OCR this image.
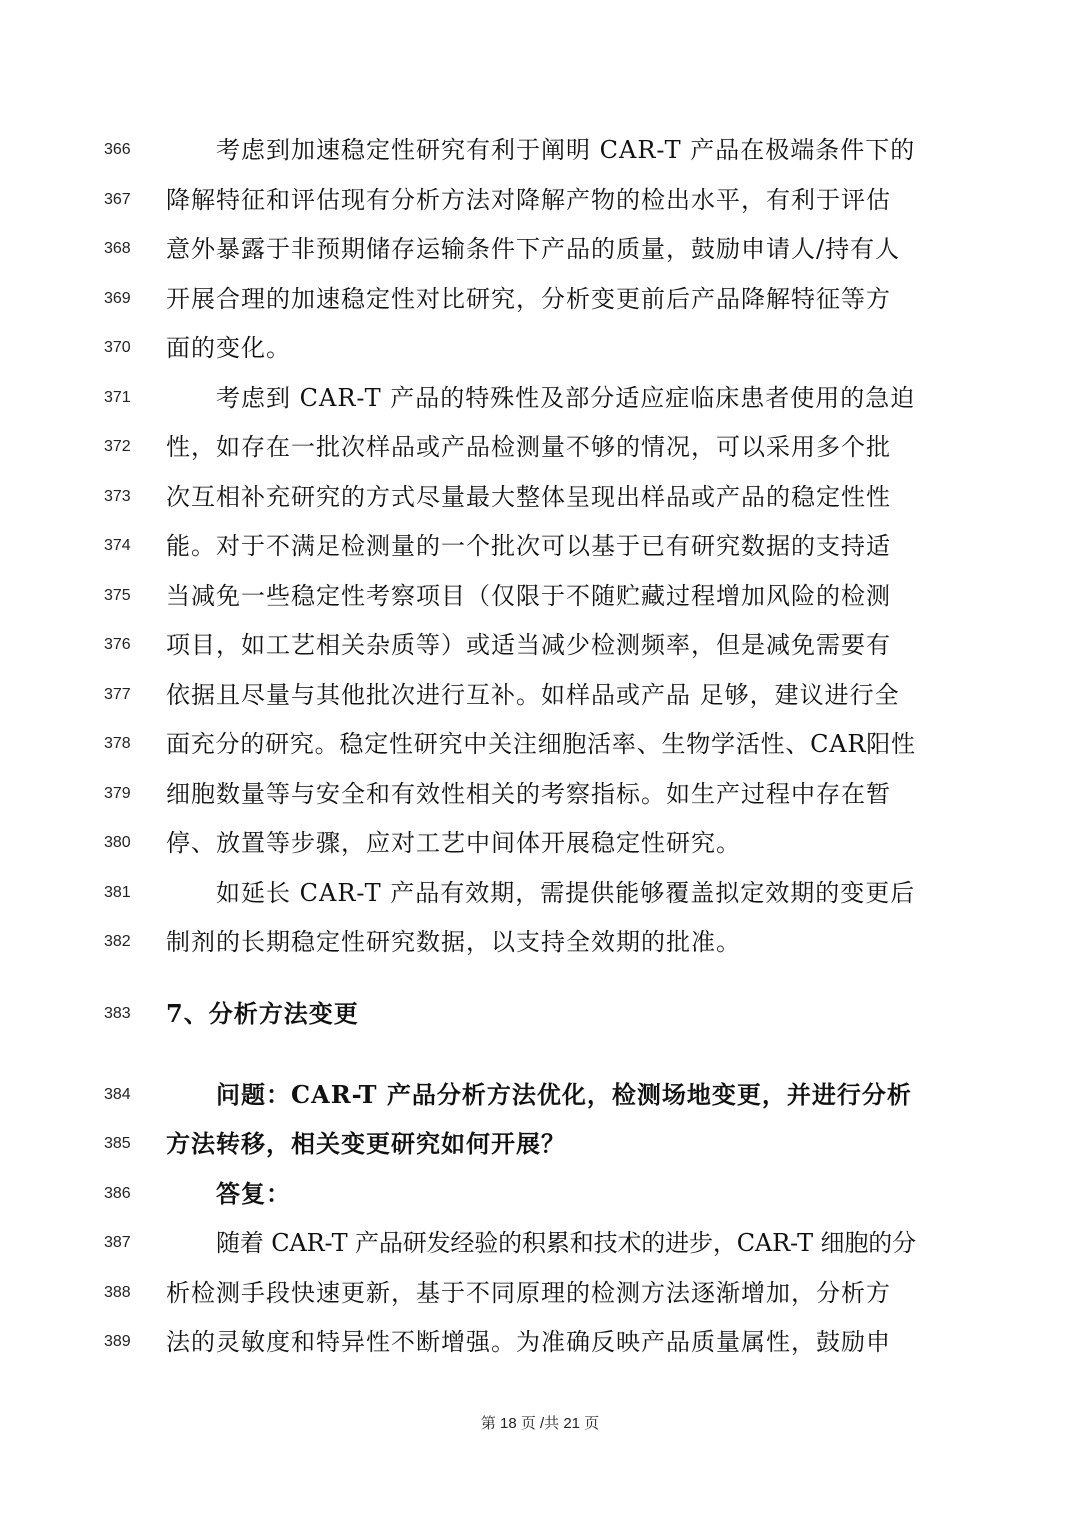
366	考虑到加速稳定性研究有利于阐明 CAR-T 产品在极端条件下的
367	降解特征和评估现有分析方法对降解产物的检出水平，有利于评估
368	意外暴露于非预期储存运输条件下产品的质量，鼓励申请人/持有人
369	开展合理的加速稳定性对比研究，分析变更前后产品降解特征等方
370	面的变化。
371	考虑到 CAR-T 产品的特殊性及部分适应症临床患者使用的急迫
372	性，如存在一批次样品或产品检测量不够的情况，可以采用多个批
373	次互相补充研究的方式尽量最大整体呈现出样品或产品的稳定性性
374	能。对于不满足检测量的一个批次可以基于已有研究数据的支持适
375	当减免一些稳定性考察项目（仅限于不随贮藏过程增加风险的检测
376	项目，如工艺相关杂质等）或适当减少检测频率，但是减免需要有
377	依据且尽量与其他批次进行互补。如样品或产品 足够，建议进行全
378	面充分的研究。稳定性研究中关注细胞活率、生物学活性、CAR阳性
379	细胞数量等与安全和有效性相关的考察指标。如生产过程中存在暂
380	停、放置等步骤，应对工艺中间体开展稳定性研究。
381	如延长 CAR-T 产品有效期，需提供能够覆盖拟定效期的变更后
382	制剂的长期稳定性研究数据，以支持全效期的批准。
383	7、分析方法变更
384	问题：CAR-T 产品分析方法优化，检测场地变更，并进行分析
385	方法转移，相关变更研究如何开展？
386	答复：
387	随着 CAR-T 产品研发经验的积累和技术的进步，CAR-T 细胞的分
388	析检测手段快速更新，基于不同原理的检测方法逐渐增加，分析方
389	法的灵敏度和特异性不断增强。为准确反映产品质量属性，鼓励申
第 18 页 /共 21 页
